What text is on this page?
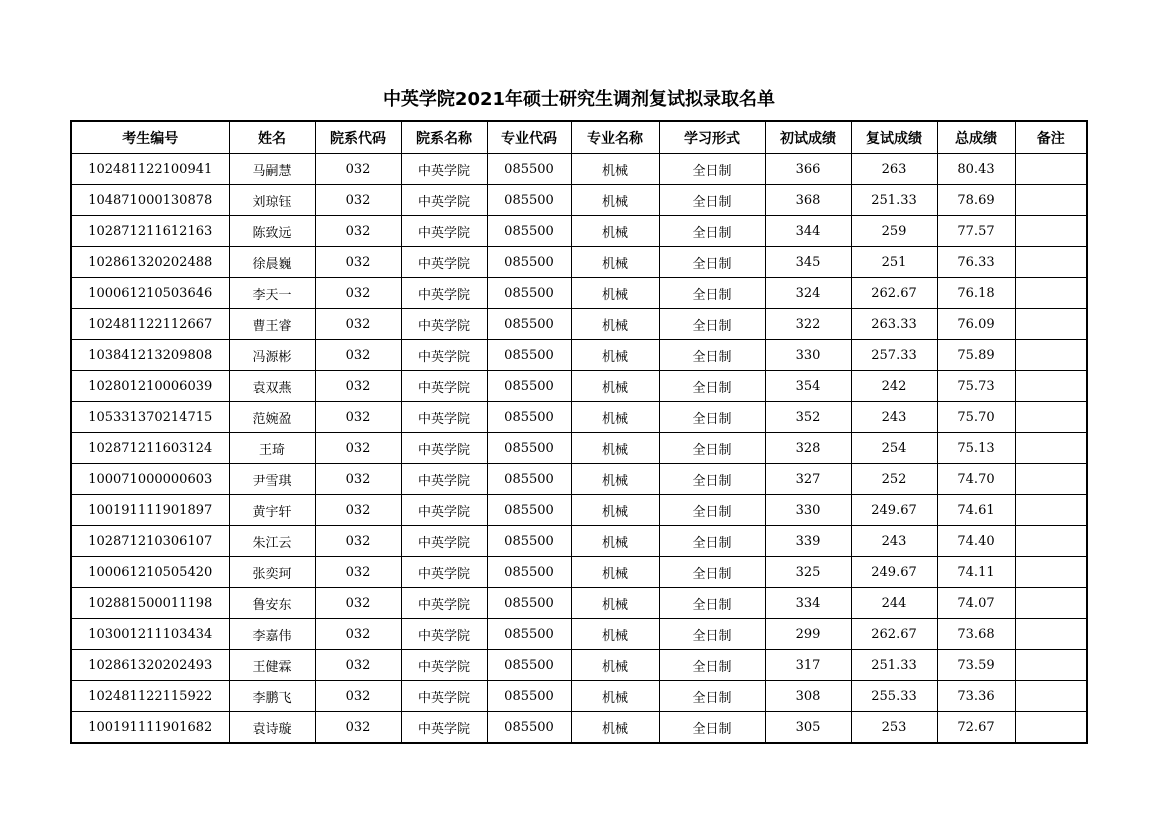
中英学院2021年硕士研究生调剂复试拟录取名单
考生编号	姓名	院系代码	院系名称	专业代码	专业名称	学习形式	初试成绩	复试成绩	总成绩	备注
102481122100941	马嗣慧	032	中英学院	085500	机械	全日制	366	263	80.43	
104871000130878	刘琼钰	032	中英学院	085500	机械	全日制	368	251.33	78.69	
102871211612163	陈致远	032	中英学院	085500	机械	全日制	344	259	77.57	
102861320202488	徐晨巍	032	中英学院	085500	机械	全日制	345	251	76.33	
100061210503646	李天一	032	中英学院	085500	机械	全日制	324	262.67	76.18	
102481122112667	曹王睿	032	中英学院	085500	机械	全日制	322	263.33	76.09	
103841213209808	冯源彬	032	中英学院	085500	机械	全日制	330	257.33	75.89	
102801210006039	袁双燕	032	中英学院	085500	机械	全日制	354	242	75.73	
105331370214715	范婉盈	032	中英学院	085500	机械	全日制	352	243	75.70	
102871211603124	王琦	032	中英学院	085500	机械	全日制	328	254	75.13	
100071000000603	尹雪琪	032	中英学院	085500	机械	全日制	327	252	74.70	
100191111901897	黄宇轩	032	中英学院	085500	机械	全日制	330	249.67	74.61	
102871210306107	朱江云	032	中英学院	085500	机械	全日制	339	243	74.40	
100061210505420	张奕珂	032	中英学院	085500	机械	全日制	325	249.67	74.11	
102881500011198	鲁安东	032	中英学院	085500	机械	全日制	334	244	74.07	
103001211103434	李嘉伟	032	中英学院	085500	机械	全日制	299	262.67	73.68	
102861320202493	王健霖	032	中英学院	085500	机械	全日制	317	251.33	73.59	
102481122115922	李鹏飞	032	中英学院	085500	机械	全日制	308	255.33	73.36	
100191111901682	袁诗璇	032	中英学院	085500	机械	全日制	305	253	72.67	
